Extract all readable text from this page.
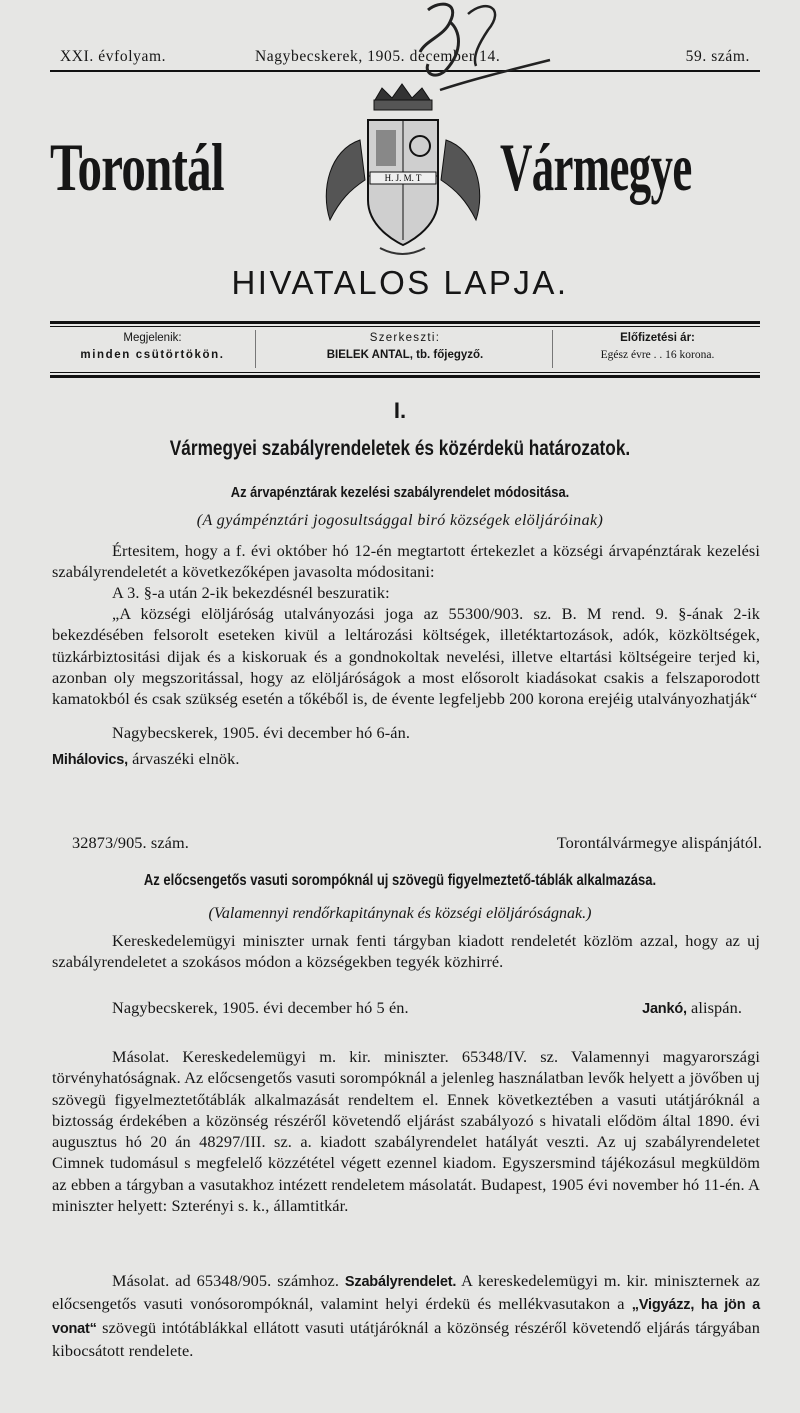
XXI. évfolyam.	Nagybecskerek, 1905. december 14.	59. szám.
Torontál	Vármegye
H. J. M. T
HIVATALOS LAPJA.
Megjelenik:
minden csütörtökön.
Szerkeszti:
BIELEK ANTAL, tb. főjegyző.
Előfizetési ár:
Egész évre . . 16 korona.
I.
Vármegyei szabályrendeletek és közérdekü határozatok.
Az árvapénztárak kezelési szabályrendelet módositása.
(A gyámpénztári jogosultsággal biró községek elöljáróinak)
Értesitem, hogy a f. évi október hó 12-én megtartott értekezlet a községi árvapénztárak kezelési szabályrendeletét a következőképen javasolta módositani:
A 3. §-a után 2-ik bekezdésnél beszuratik:
„A községi elöljáróság utalványozási joga az 55300/903. sz. B. M rend. 9. §-ának 2-ik bekezdésében felsorolt eseteken kivül a leltározási költségek, illetéktartozások, adók, közköltségek, tüzkárbiztositási dijak és a kiskoruak és a gondnokoltak nevelési, illetve eltartási költségeire terjed ki, azonban oly megszoritással, hogy az elöljáróságok a most elősorolt kiadásokat csakis a felszaporodott kamatokból és csak szükség esetén a tőkéből is, de évente legfeljebb 200 korona erejéig utalványozhatják“
Nagybecskerek, 1905. évi december hó 6-án.
Mihálovics, árvaszéki elnök.
32873/905. szám.	Torontálvármegye alispánjától.
Az előcsengetős vasuti sorompóknál uj szövegü figyelmeztető-táblák alkalmazása.
(Valamennyi rendőrkapitánynak és községi elöljáróságnak.)
Kereskedelemügyi miniszter urnak fenti tárgyban kiadott rendeletét közlöm azzal, hogy az uj szabályrendeletet a szokásos módon a községekben tegyék közhirré.
Nagybecskerek, 1905. évi december hó 5 én.	Jankó, alispán.
Másolat. Kereskedelemügyi m. kir. miniszter. 65348/IV. sz. Valamennyi magyarországi törvényhatóságnak. Az előcsengetős vasuti sorompóknál a jelenleg használatban levők helyett a jövőben uj szövegü figyelmeztetőtáblák alkalmazását rendeltem el. Ennek következtében a vasuti utátjáróknál a biztosság érdekében a közönség részéről követendő eljárást szabályozó s hivatali elődöm által 1890. évi augusztus hó 20 án 48297/III. sz. a. kiadott szabályrendelet hatályát veszti. Az uj szabályrendeletet Cimnek tudomásul s megfelelő közzététel végett ezennel kiadom. Egyszersmind tájékozásul megküldöm az ebben a tárgyban a vasutakhoz intézett rendeletem másolatát. Budapest, 1905 évi november hó 11-én. A miniszter helyett: Szterényi s. k., államtitkár.
Másolat. ad 65348/905. számhoz. Szabályrendelet. A kereskedelemügyi m. kir. miniszternek az előcsengetős vasuti vonósorompóknál, valamint helyi érdekü és mellékvasutakon a „Vigyázz, ha jön a vonat“ szövegü intótáblákkal ellátott vasuti utátjáróknál a közönség részéről követendő eljárás tárgyában kibocsátott rendelete.
